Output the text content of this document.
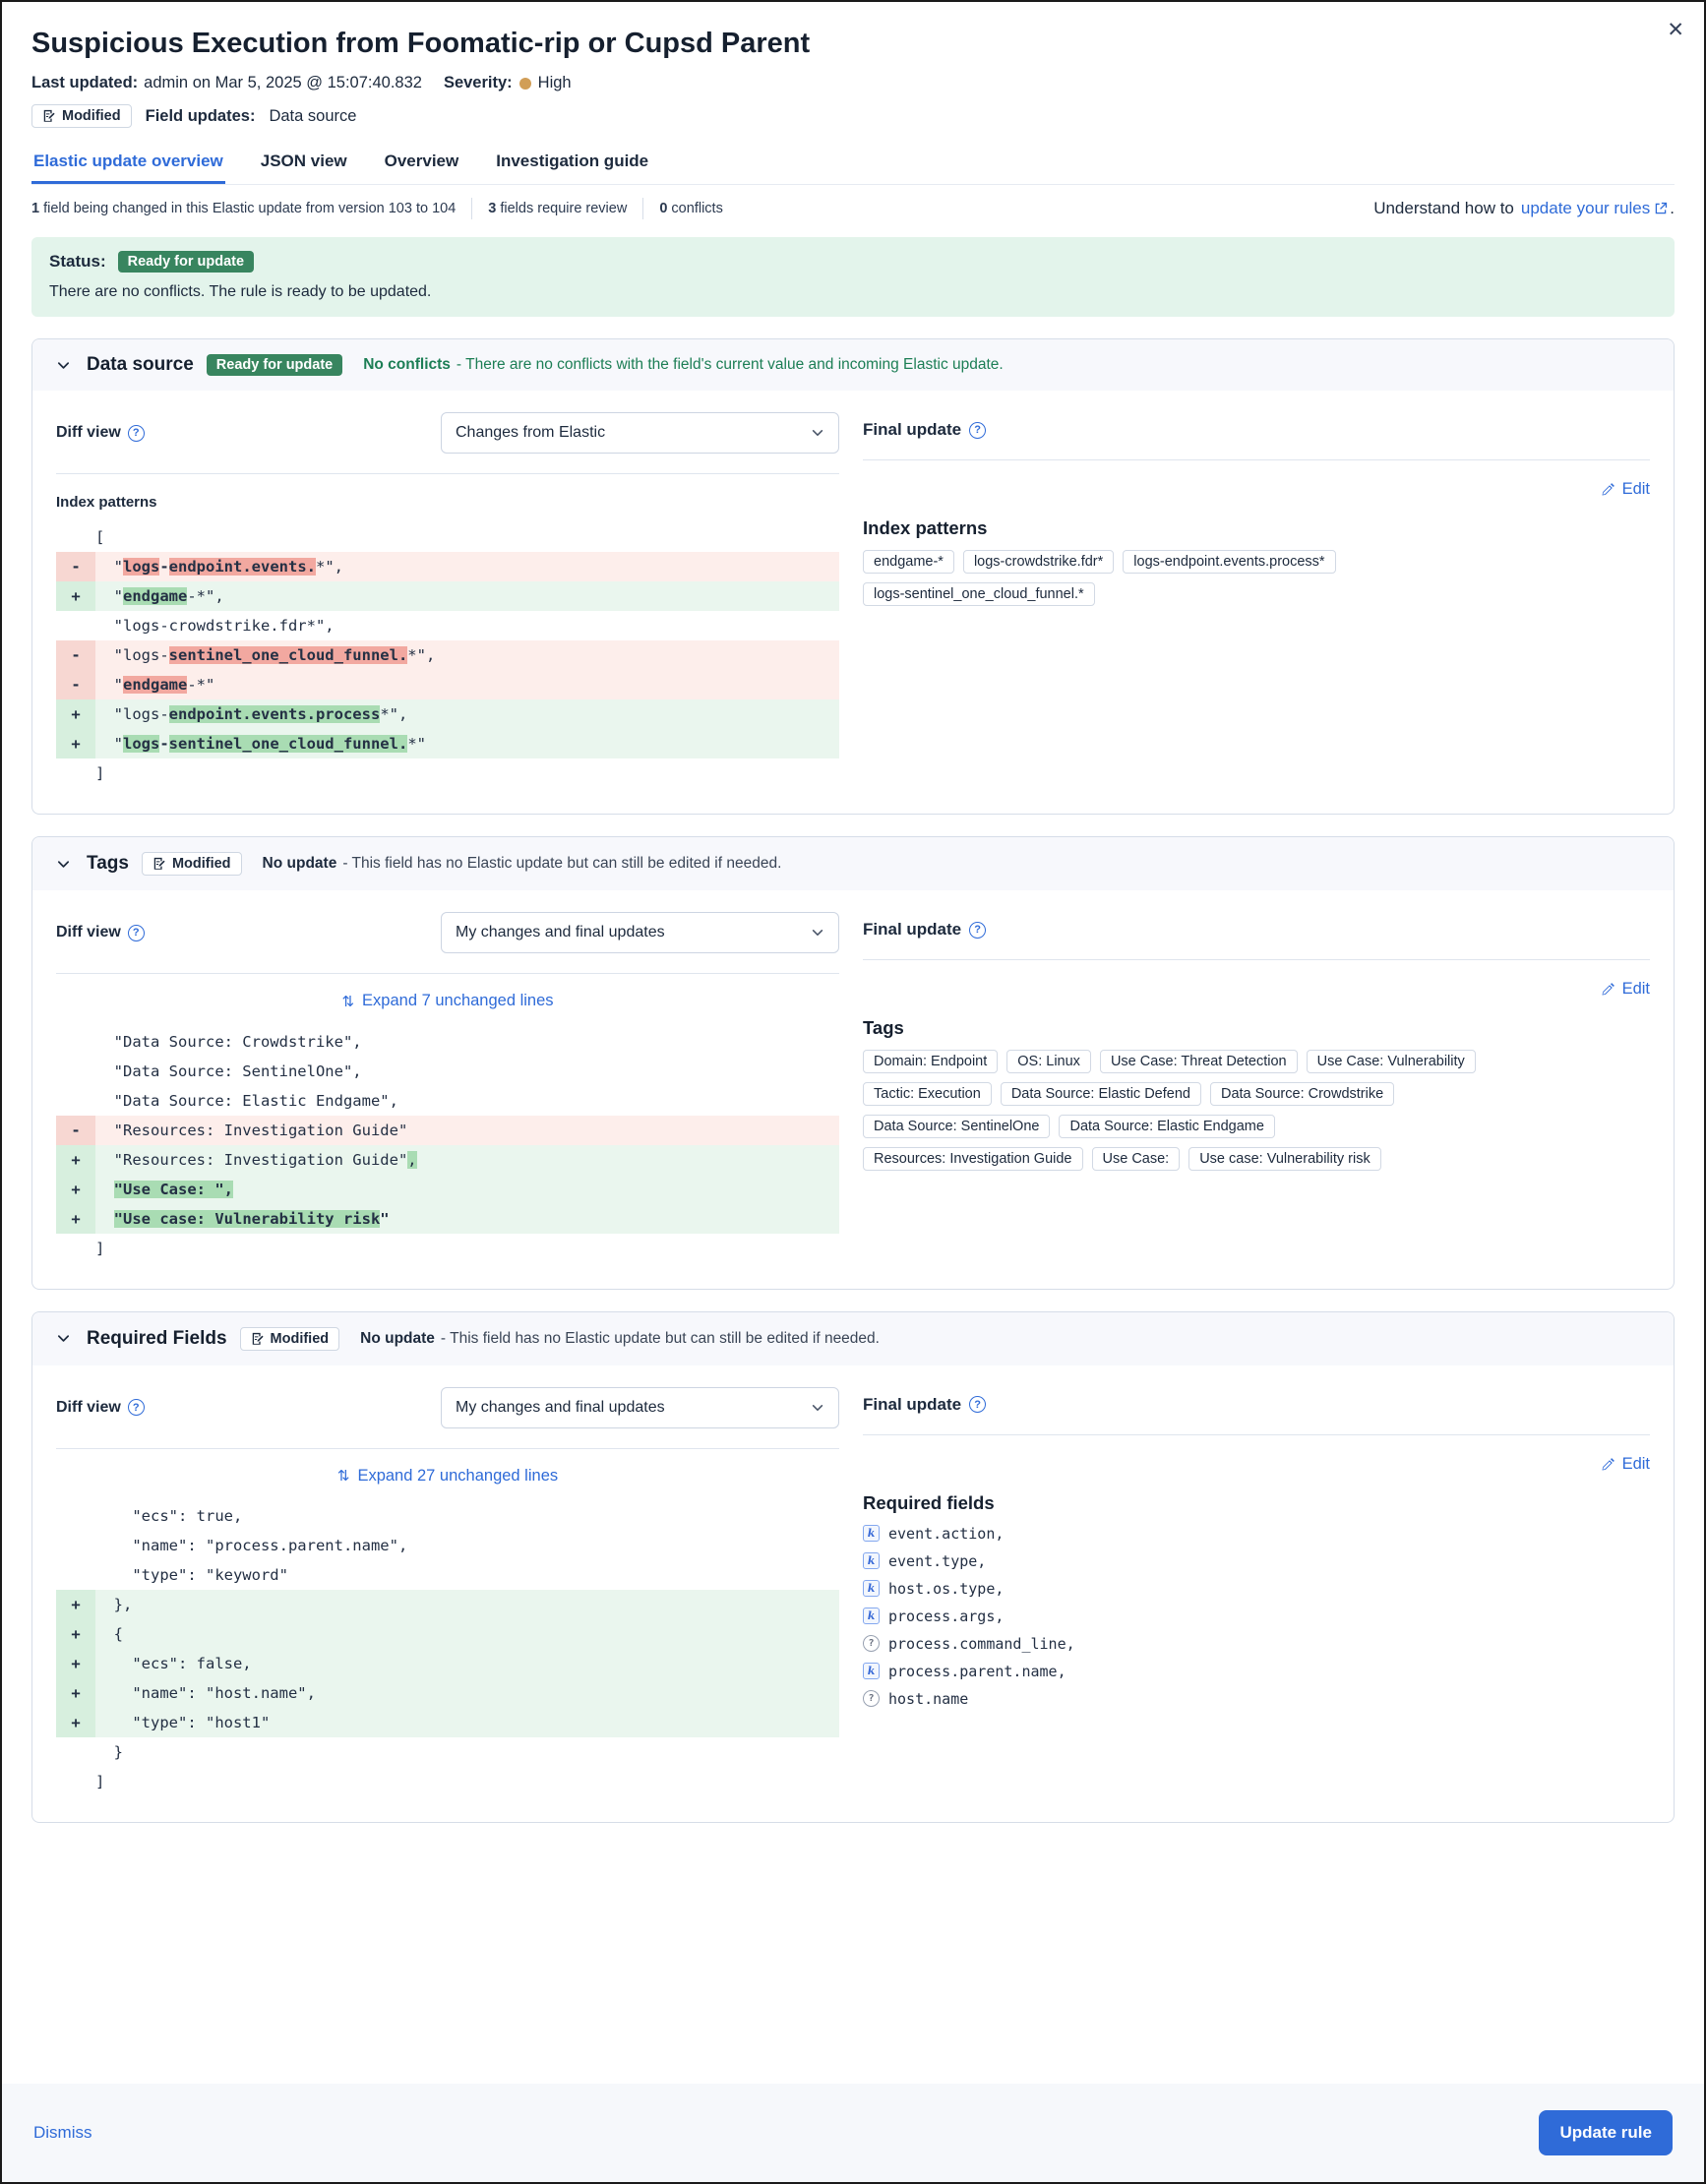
✕
Suspicious Execution from Foomatic-rip or Cupsd Parent
Last updated: admin on Mar 5, 2025 @ 15:07:40.832 Severity: High
Modified Field updates: Data source
Elastic update overview JSON view Overview Investigation guide
1 field being changed in this Elastic update from version 103 to 104	3 fields require review	0 conflicts	Understand how to update your rules .
Status:	Ready for update
There are no conflicts. The rule is ready to be updated.
Data source	Ready for update	No conflicts - There are no conflicts with the field's current value and incoming Elastic update.
Diff view	?	Changes from Elastic
Index patterns
[
- "logs-endpoint.events.*",
+ "endgame-*",
"logs-crowdstrike.fdr*",
- "logs-sentinel_one_cloud_funnel.*",
- "endgame-*"
+ "logs-endpoint.events.process*",
+ "logs-sentinel_one_cloud_funnel.*"
]
Final update	?
Edit
Index patterns
endgame-*	logs-crowdstrike.fdr*	logs-endpoint.events.process*
logs-sentinel_one_cloud_funnel.*
Tags	Modified No update - This field has no Elastic update but can still be edited if needed.
Diff view	?	My changes and final updates
⇅ Expand 7 unchanged lines
"Data Source: Crowdstrike",
"Data Source: SentinelOne",
"Data Source: Elastic Endgame",
- "Resources: Investigation Guide"
+ "Resources: Investigation Guide",
+	"Use Case: ",
+	"Use case: Vulnerability risk"
]
Final update	?
Edit
Tags
Domain: Endpoint	OS: Linux	Use Case: Threat Detection	Use Case: Vulnerability
Tactic: Execution	Data Source: Elastic Defend	Data Source: Crowdstrike
Data Source: SentinelOne	Data Source: Elastic Endgame
Resources: Investigation Guide	Use Case:	Use case: Vulnerability risk
Required Fields	Modified No update - This field has no Elastic update but can still be edited if needed.
Diff view	?	My changes and final updates
⇅ Expand 27 unchanged lines
"ecs": true,
"name": "process.parent.name",
"type": "keyword"
+ },
+ {
+ "ecs": false,
+ "name": "host.name",
+ "type": "host1"
}
]
Final update	?
Edit
Required fields
k event.action,
k event.type,
k host.os.type,
k process.args,
? process.command_line,
k process.parent.name,
? host.name
Dismiss	Update rule
